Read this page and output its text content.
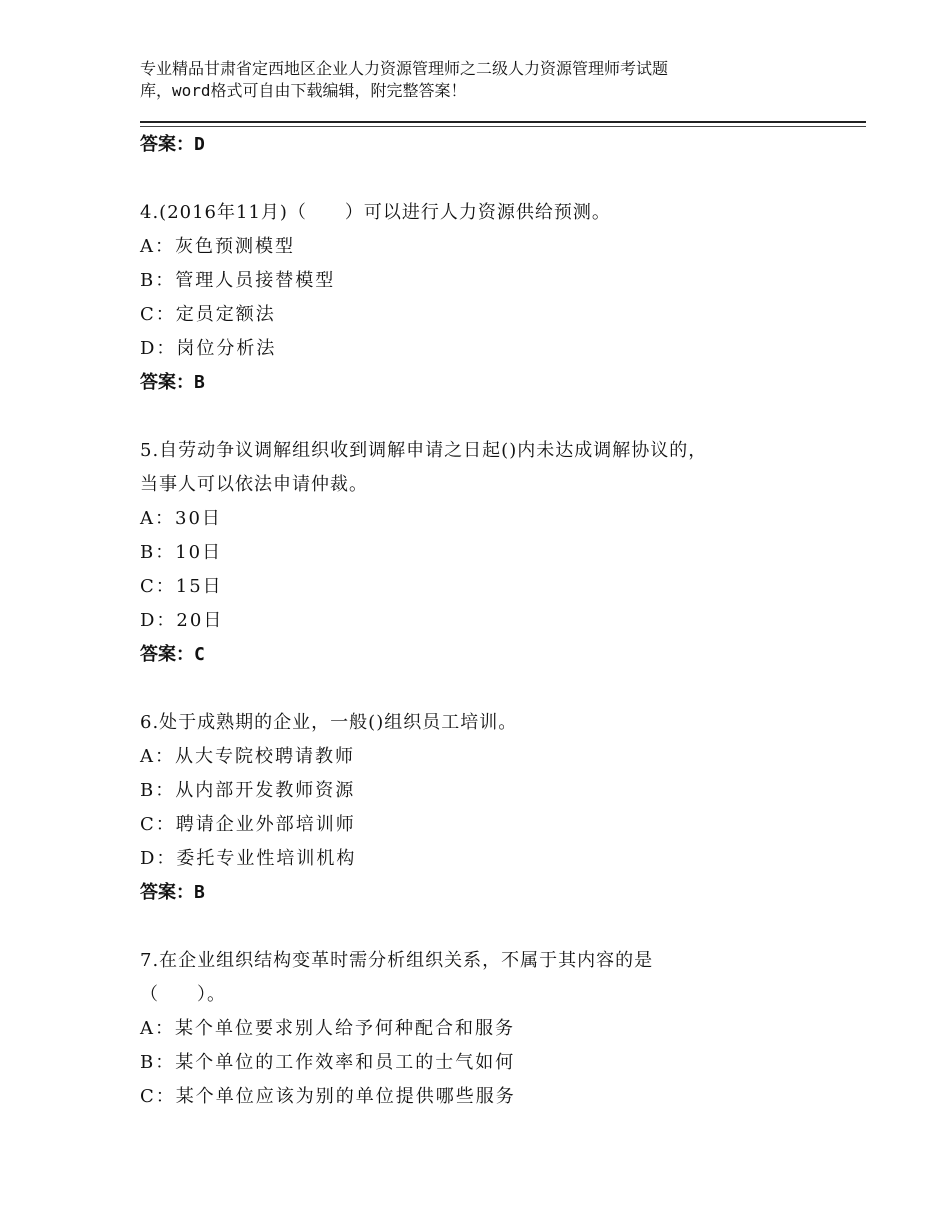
专业精品甘肃省定西地区企业人力资源管理师之二级人力资源管理师考试题
库，word格式可自由下载编辑，附完整答案！
答案：D
4.(2016年11月)（　　）可以进行人力资源供给预测。
A：灰色预测模型
B：管理人员接替模型
C：定员定额法
D：岗位分析法
答案：B
5.自劳动争议调解组织收到调解申请之日起()内未达成调解协议的，
当事人可以依法申请仲裁。
A：30日
B：10日
C：15日
D：20日
答案：C
6.处于成熟期的企业，一般()组织员工培训。
A：从大专院校聘请教师
B：从内部开发教师资源
C：聘请企业外部培训师
D：委托专业性培训机构
答案：B
7.在企业组织结构变革时需分析组织关系，不属于其内容的是
（　　）。
A：某个单位要求别人给予何种配合和服务
B：某个单位的工作效率和员工的士气如何
C：某个单位应该为别的单位提供哪些服务
